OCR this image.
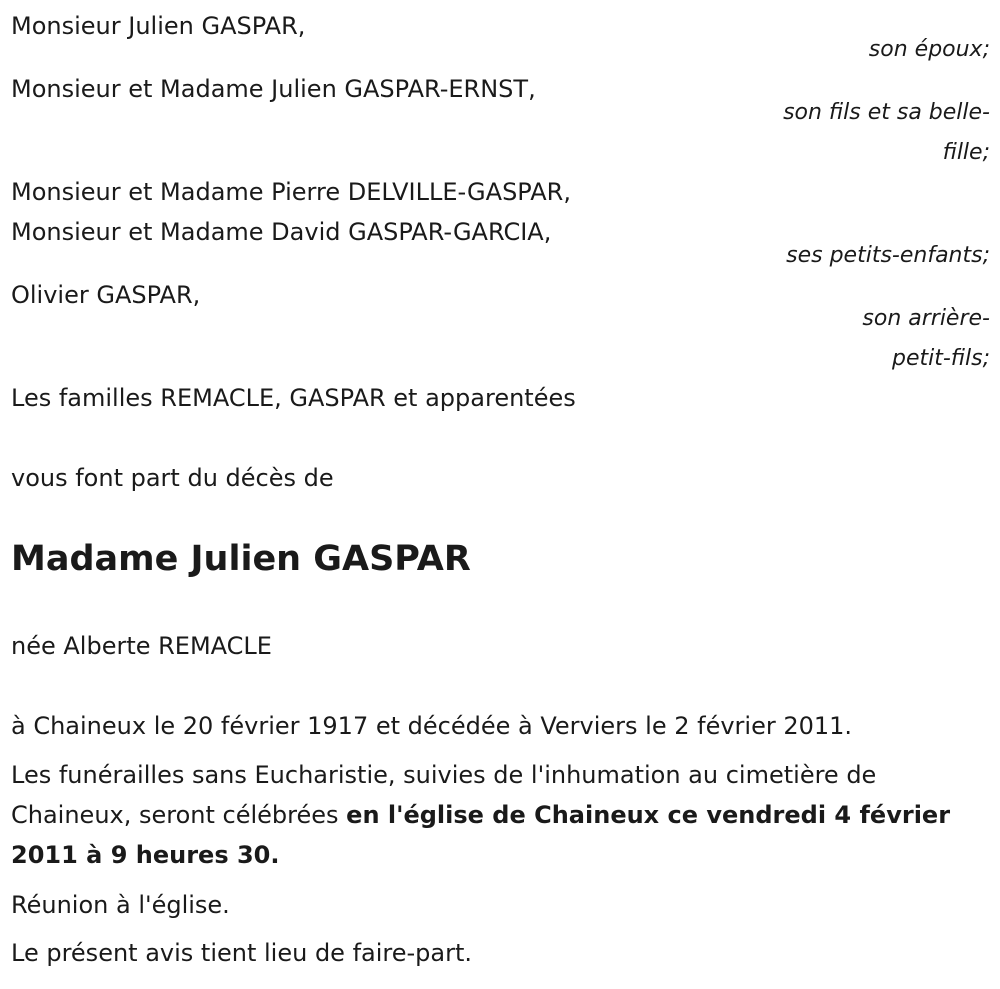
Monsieur Julien GASPAR,
son époux;
Monsieur et Madame Julien GASPAR-ERNST,
son fils et sa belle-
fille;
Monsieur et Madame Pierre DELVILLE-GASPAR,
Monsieur et Madame David GASPAR-GARCIA,
ses petits-enfants;
Olivier GASPAR,
son arrière-
petit-fils;
Les familles REMACLE, GASPAR et apparentées
vous font part du décès de
Madame Julien GASPAR
née Alberte REMACLE
à Chaineux le 20 février 1917 et décédée à Verviers le 2 février 2011.
Les funérailles sans Eucharistie, suivies de l'inhumation au cimetière de Chaineux, seront célébrées en l'église de Chaineux ce vendredi 4 février 2011 à 9 heures 30.
Réunion à l'église.
Le présent avis tient lieu de faire-part.
